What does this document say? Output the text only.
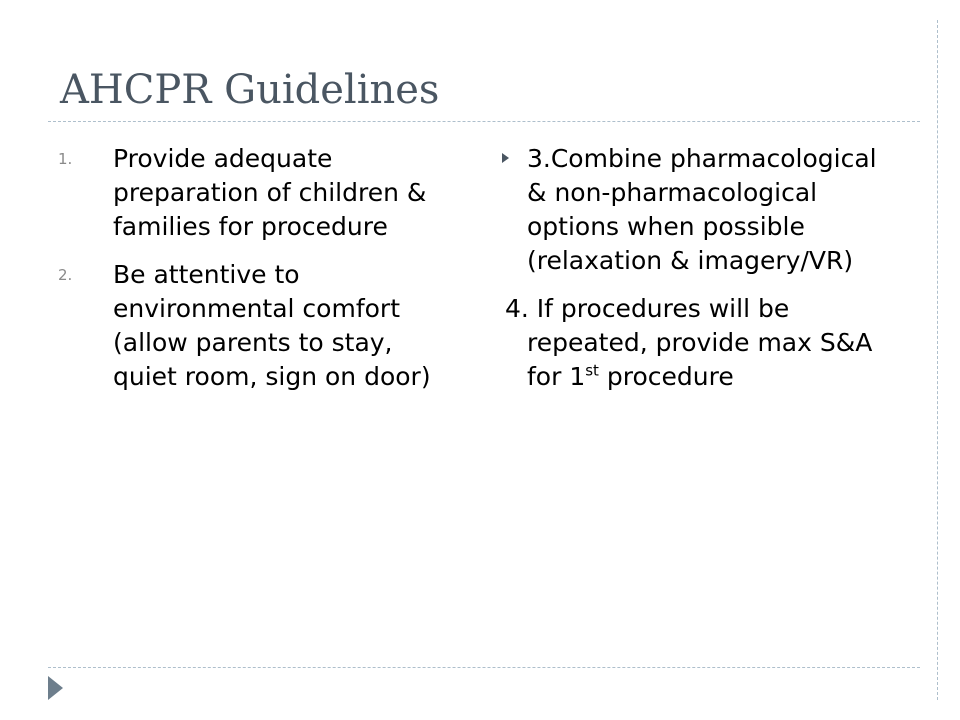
AHCPR Guidelines
1. Provide adequate preparation of children & families for procedure
2. Be attentive to environmental comfort (allow parents to stay, quiet room, sign on door)
3.Combine pharmacological & non-pharmacological options when possible (relaxation & imagery/VR)
4. If procedures will be repeated, provide max S&A for 1st procedure
